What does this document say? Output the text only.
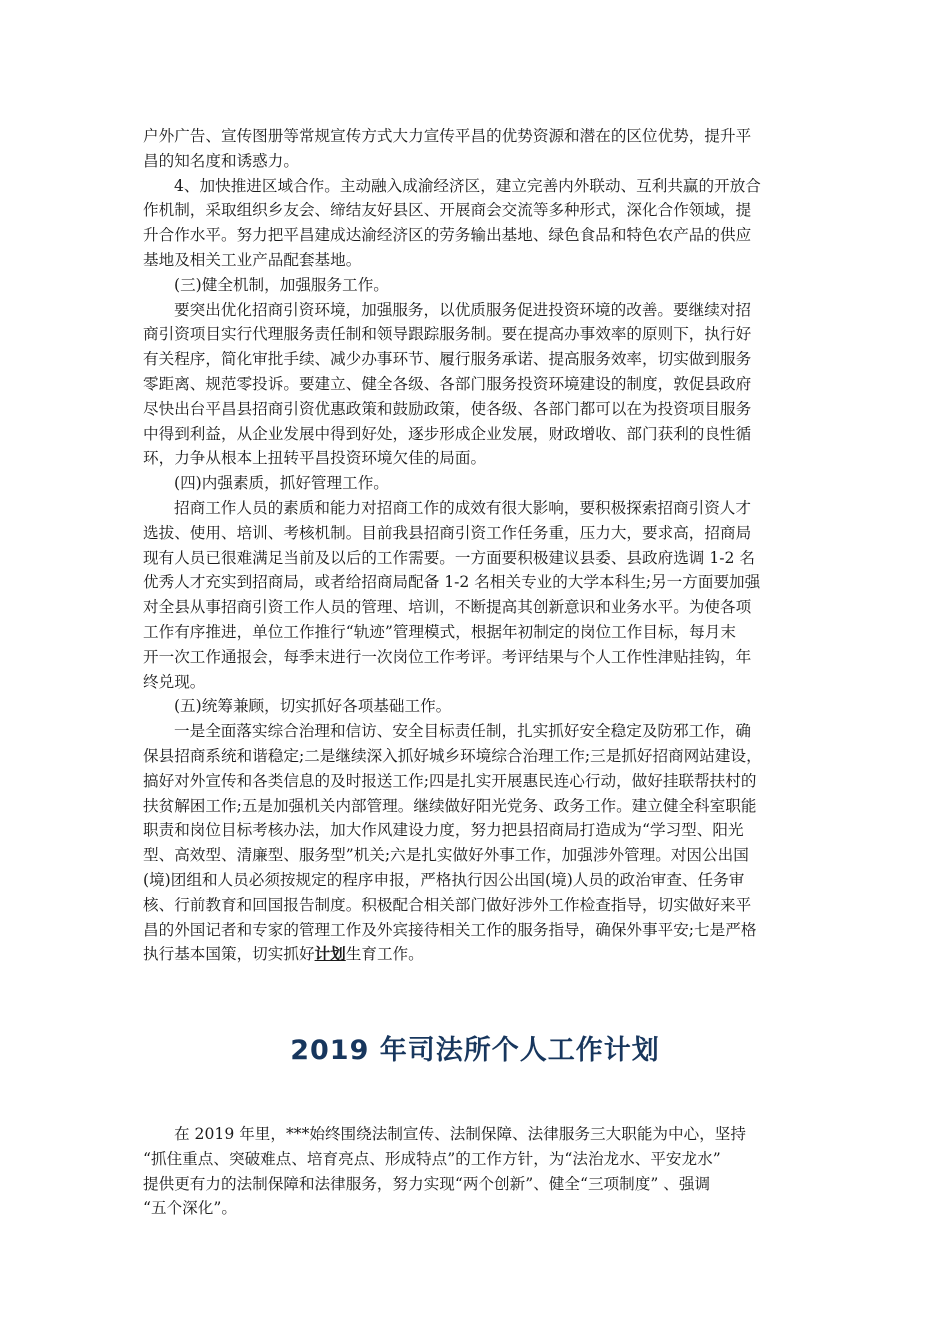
户外广告、宣传图册等常规宣传方式大力宣传平昌的优势资源和潜在的区位优势，提升平
昌的知名度和诱惑力。
4、加快推进区域合作。主动融入成渝经济区，建立完善内外联动、互利共赢的开放合
作机制，采取组织乡友会、缔结友好县区、开展商会交流等多种形式，深化合作领域，提
升合作水平。努力把平昌建成达渝经济区的劳务输出基地、绿色食品和特色农产品的供应
基地及相关工业产品配套基地。
(三)健全机制，加强服务工作。
要突出优化招商引资环境，加强服务，以优质服务促进投资环境的改善。要继续对招
商引资项目实行代理服务责任制和领导跟踪服务制。要在提高办事效率的原则下，执行好
有关程序，简化审批手续、减少办事环节、履行服务承诺、提高服务效率，切实做到服务
零距离、规范零投诉。要建立、健全各级、各部门服务投资环境建设的制度，敦促县政府
尽快出台平昌县招商引资优惠政策和鼓励政策，使各级、各部门都可以在为投资项目服务
中得到利益，从企业发展中得到好处，逐步形成企业发展，财政增收、部门获利的良性循
环，力争从根本上扭转平昌投资环境欠佳的局面。
(四)内强素质，抓好管理工作。
招商工作人员的素质和能力对招商工作的成效有很大影响，要积极探索招商引资人才
选拔、使用、培训、考核机制。目前我县招商引资工作任务重，压力大，要求高，招商局
现有人员已很难满足当前及以后的工作需要。一方面要积极建议县委、县政府选调 1-2 名
优秀人才充实到招商局，或者给招商局配备 1-2 名相关专业的大学本科生;另一方面要加强
对全县从事招商引资工作人员的管理、培训，不断提高其创新意识和业务水平。为使各项
工作有序推进，单位工作推行“轨迹”管理模式，根据年初制定的岗位工作目标，每月末
开一次工作通报会，每季末进行一次岗位工作考评。考评结果与个人工作性津贴挂钩，年
终兑现。
(五)统筹兼顾，切实抓好各项基础工作。
一是全面落实综合治理和信访、安全目标责任制，扎实抓好安全稳定及防邪工作，确
保县招商系统和谐稳定;二是继续深入抓好城乡环境综合治理工作;三是抓好招商网站建设，
搞好对外宣传和各类信息的及时报送工作;四是扎实开展惠民连心行动，做好挂联帮扶村的
扶贫解困工作;五是加强机关内部管理。继续做好阳光党务、政务工作。建立健全科室职能
职责和岗位目标考核办法，加大作风建设力度，努力把县招商局打造成为“学习型、阳光
型、高效型、清廉型、服务型”机关;六是扎实做好外事工作，加强涉外管理。对因公出国
(境)团组和人员必须按规定的程序申报，严格执行因公出国(境)人员的政治审查、任务审
核、行前教育和回国报告制度。积极配合相关部门做好涉外工作检查指导，切实做好来平
昌的外国记者和专家的管理工作及外宾接待相关工作的服务指导，确保外事平安;七是严格
执行基本国策，切实抓好计划生育工作。
2019 年司法所个人工作计划
在 2019 年里，***始终围绕法制宣传、法制保障、法律服务三大职能为中心，坚持
“抓住重点、突破难点、培育亮点、形成特点”的工作方针，为“法治龙水、平安龙水”
提供更有力的法制保障和法律服务，努力实现“两个创新”、健全“三项制度” 、强调
“五个深化”。
